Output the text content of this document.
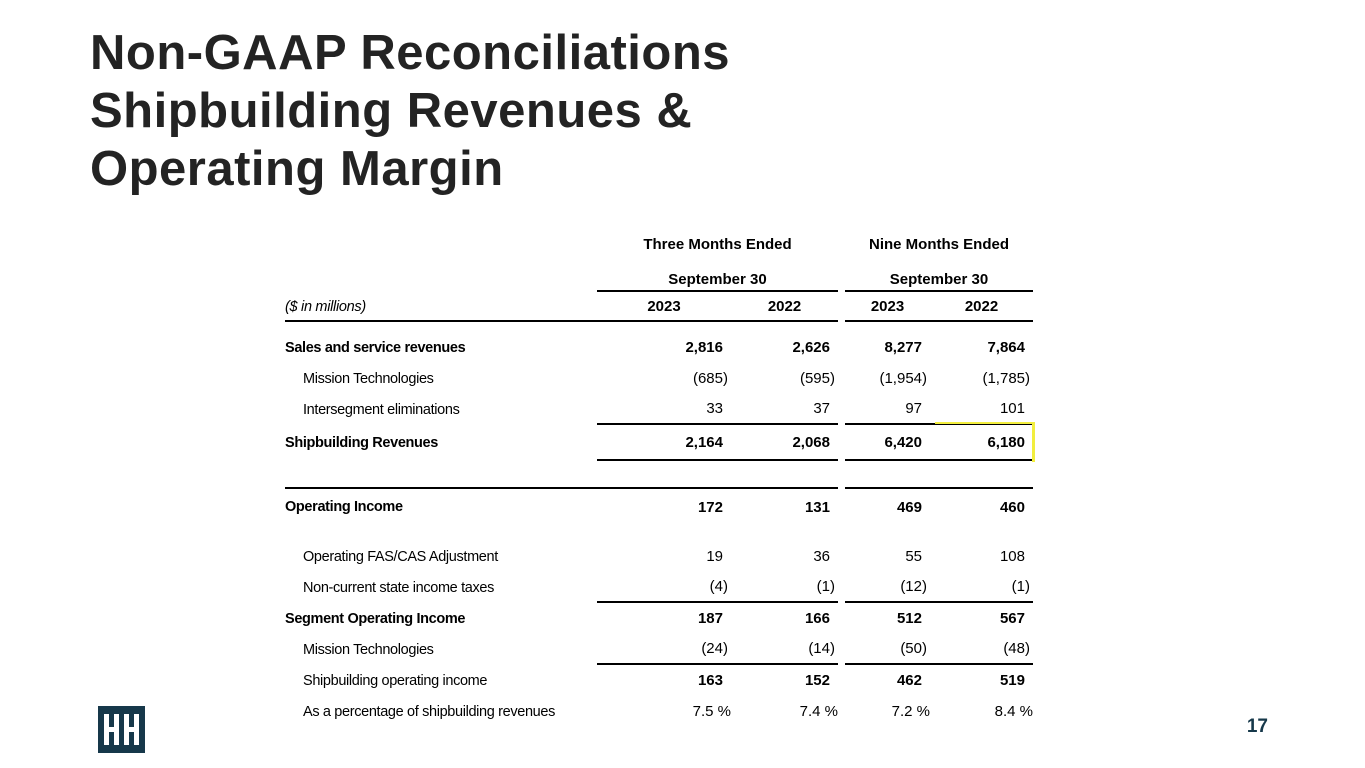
Non-GAAP Reconciliations
Shipbuilding Revenues &
Operating Margin
Three Months Ended	Nine Months Ended
September 30	September 30
($ in millions)	2023	2022	2023	2022
Sales and service revenues	2,816	2,626	8,277	7,864
Mission Technologies	(685)	(595)	(1,954)	(1,785)
Intersegment eliminations	33	37	97	101
Shipbuilding Revenues	2,164	2,068	6,420	6,180
Operating Income	172	131	469	460
Operating FAS/CAS Adjustment	19	36	55	108
Non-current state income taxes	(4)	(1)	(12)	(1)
Segment Operating Income	187	166	512	567
Mission Technologies	(24)	(14)	(50)	(48)
Shipbuilding operating income	163	152	462	519
As a percentage of shipbuilding revenues	7.5 %	7.4 %	7.2 %	8.4 %
17
